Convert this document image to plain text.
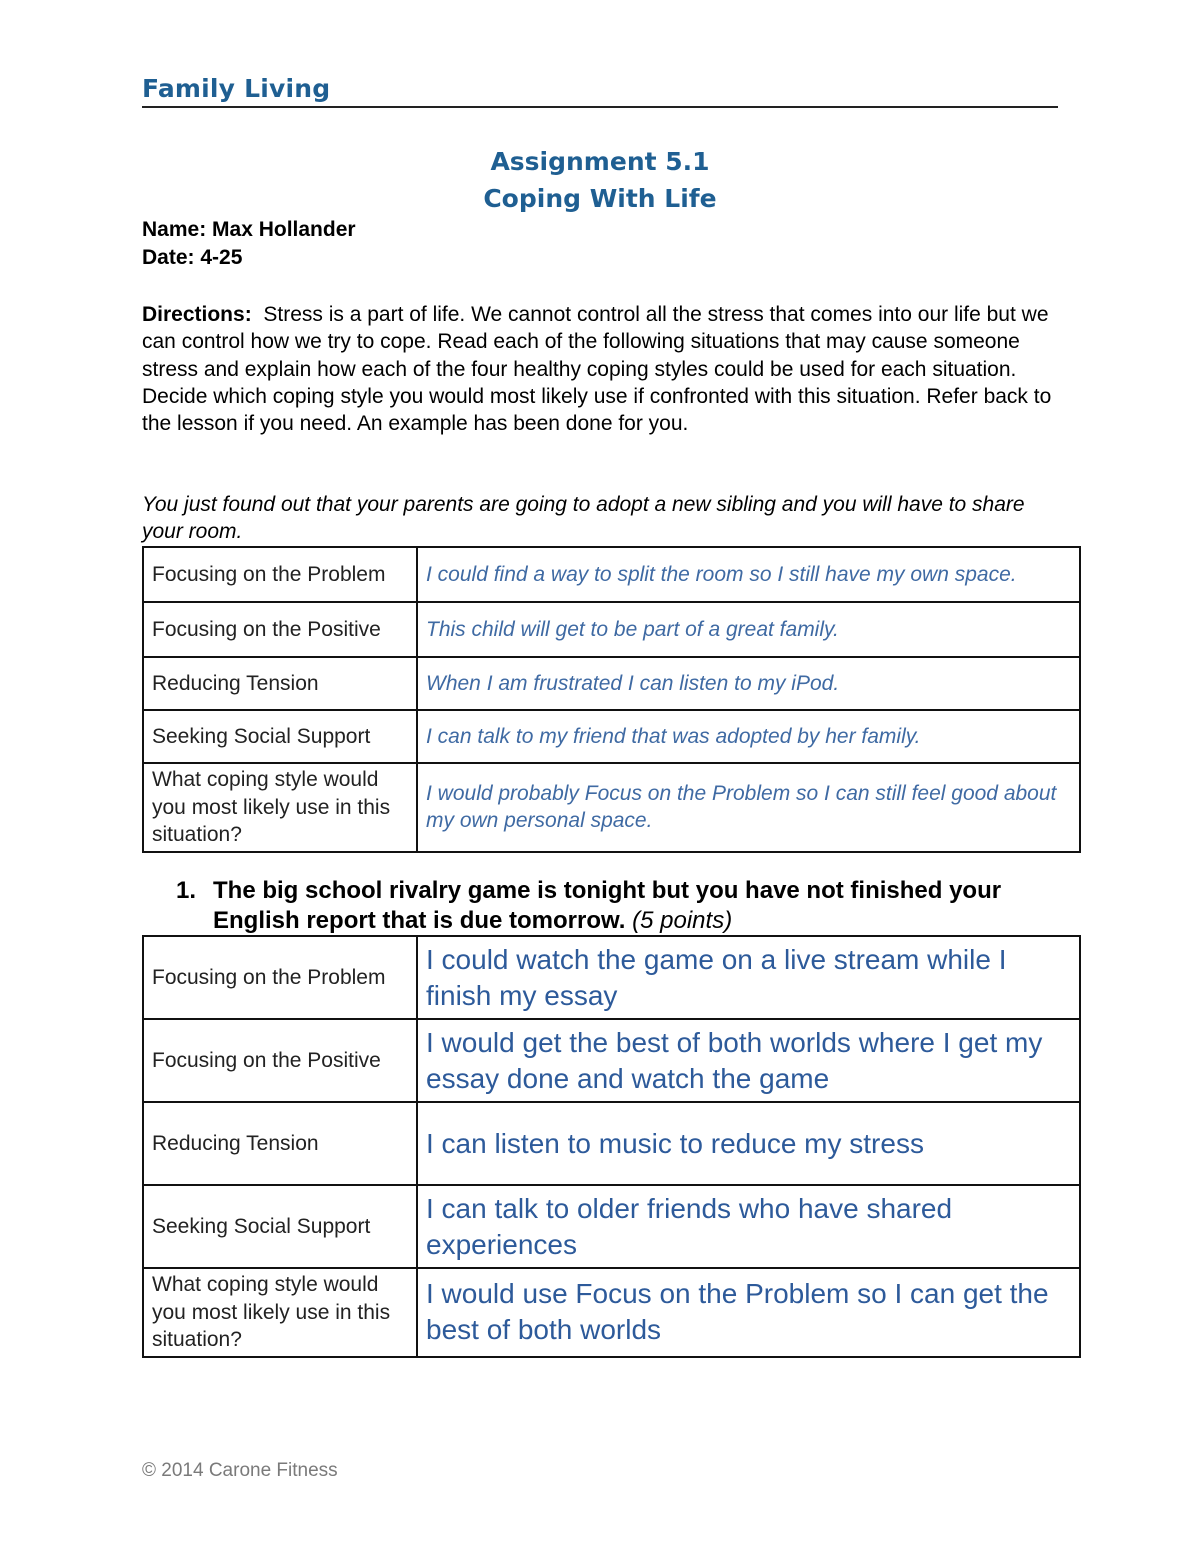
Family Living
Assignment 5.1
Coping With Life
Name: Max Hollander
Date: 4-25
Directions: Stress is a part of life. We cannot control all the stress that comes into our life but we can control how we try to cope. Read each of the following situations that may cause someone stress and explain how each of the four healthy coping styles could be used for each situation. Decide which coping style you would most likely use if confronted with this situation. Refer back to the lesson if you need. An example has been done for you.
You just found out that your parents are going to adopt a new sibling and you will have to share your room.
Focusing on the Problem	I could find a way to split the room so I still have my own space.
Focusing on the Positive	This child will get to be part of a great family.
Reducing Tension	When I am frustrated I can listen to my iPod.
Seeking Social Support	I can talk to my friend that was adopted by her family.
What coping style would you most likely use in this situation?	I would probably Focus on the Problem so I can still feel good about my own personal space.
1. The big school rivalry game is tonight but you have not finished your English report that is due tomorrow. (5 points)
Focusing on the Problem	I could watch the game on a live stream while I finish my essay
Focusing on the Positive	I would get the best of both worlds where I get my essay done and watch the game
Reducing Tension	I can listen to music to reduce my stress
Seeking Social Support	I can talk to older friends who have shared experiences
What coping style would you most likely use in this situation?	I would use Focus on the Problem so I can get the best of both worlds
© 2014 Carone Fitness
